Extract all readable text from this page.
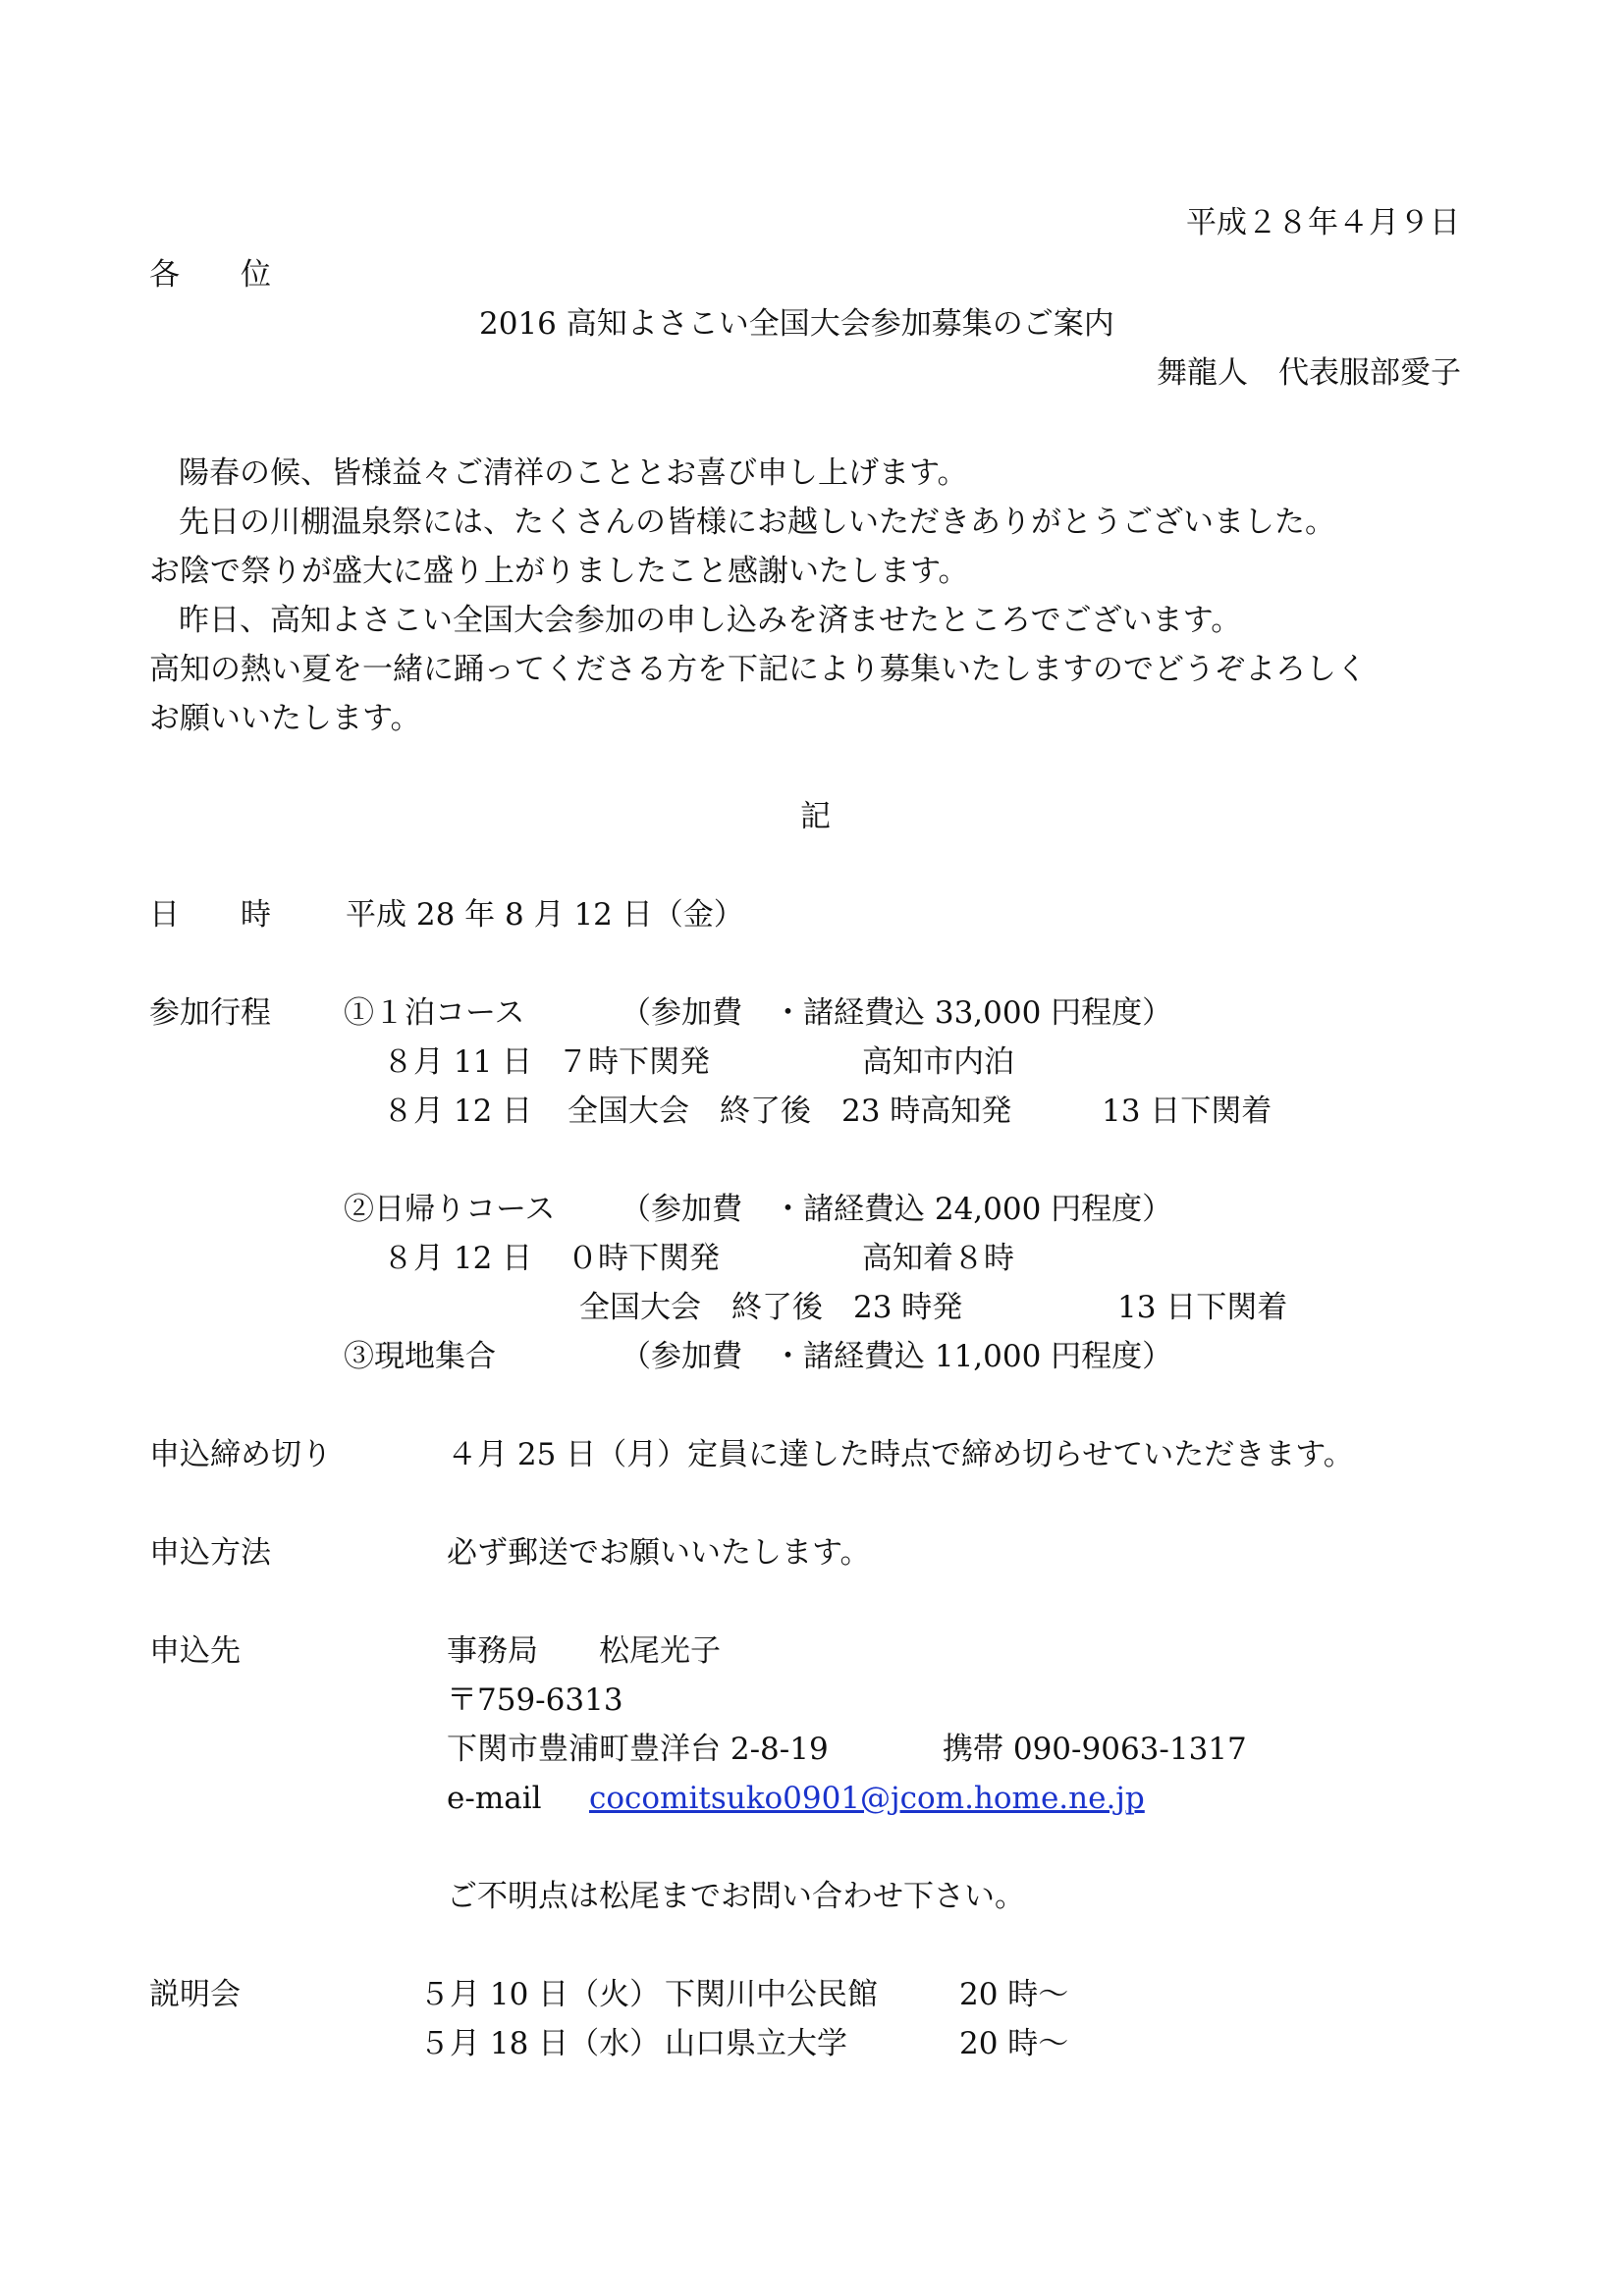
平成２８年４月９日
各　　位
2016 高知よさこい全国大会参加募集のご案内
舞龍人　代表服部愛子
陽春の候、皆様益々ご清祥のこととお喜び申し上げます。
先日の川棚温泉祭には、たくさんの皆様にお越しいただきありがとうございました。
お陰で祭りが盛大に盛り上がりましたこと感謝いたします。
昨日、高知よさこい全国大会参加の申し込みを済ませたところでございます。
高知の熱い夏を一緒に踊ってくださる方を下記により募集いたしますのでどうぞよろしく
お願いいたします。
記
日　　時 平成 28 年 8 月 12 日（金）
参加行程 ①１泊コース	（参加費　・諸経費込 33,000 円程度）
８月 11 日 ７時下関発	高知市内泊
８月 12 日 全国大会　終了後　23 時高知発	13 日下関着
②日帰りコース （参加費　・諸経費込 24,000 円程度）
８月 12 日 ０時下関発	高知着８時
全国大会　終了後　23 時発	13 日下関着
③現地集合	（参加費　・諸経費込 11,000 円程度）
申込締め切り	４月 25 日（月）定員に達した時点で締め切らせていただきます。
申込方法	必ず郵送でお願いいたします。
申込先	事務局　　松尾光子
〒759-6313
下関市豊浦町豊洋台 2-8-19	携帯 090-9063-1317
e-mail cocomitsuko0901@jcom.home.ne.jp
ご不明点は松尾までお問い合わせ下さい。
説明会	５月 10 日（火） 下関川中公民館	20 時～
５月 18 日（水） 山口県立大学	20 時～
